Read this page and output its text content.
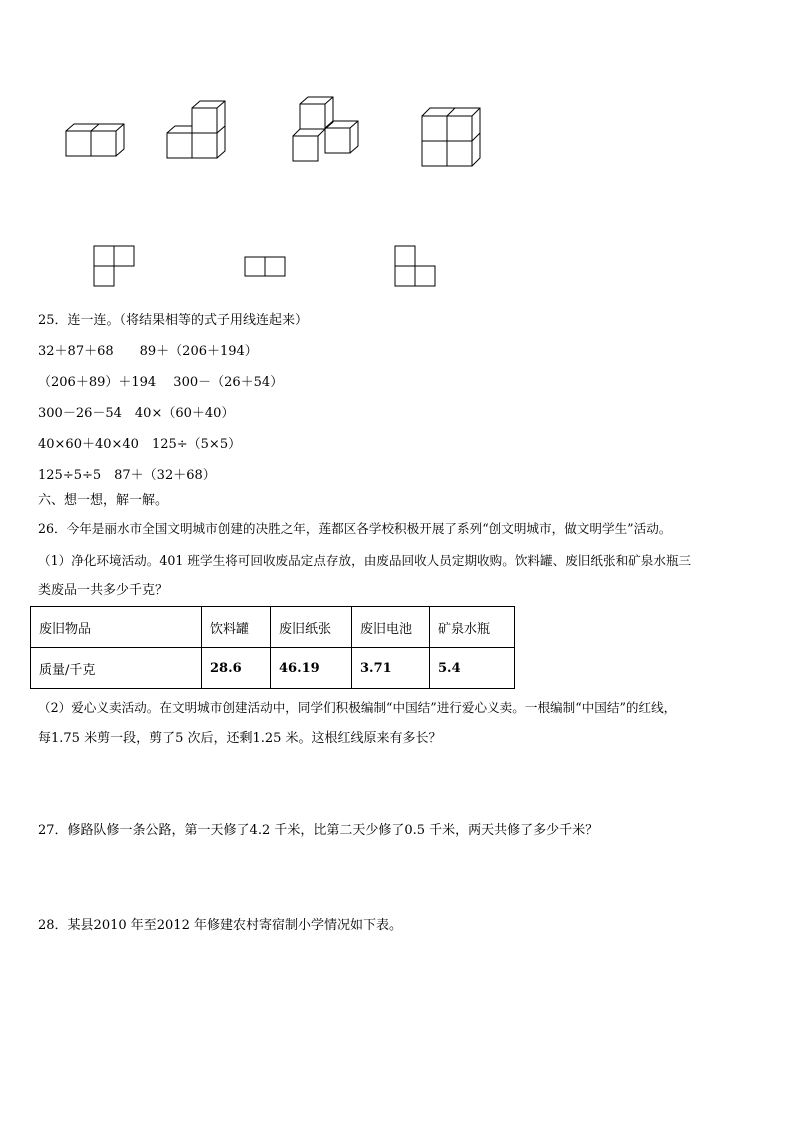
25．连一连。（将结果相等的式子用线连起来）
32＋87＋68　　89＋（206＋194）
（206＋89）＋194　 300－（26＋54）
300－26－54　40×（60＋40）
40×60＋40×40　125÷（5×5）
125÷5÷5　87＋（32＋68）
六、想一想，解一解。
26．今年是丽水市全国文明城市创建的决胜之年，莲都区各学校积极开展了系列“创文明城市，做文明学生”活动。
（1）净化环境活动。401 班学生将可回收废品定点存放，由废品回收人员定期收购。饮料罐、废旧纸张和矿泉水瓶三
类废品一共多少千克？
废旧物品	饮料罐	废旧纸张	废旧电池	矿泉水瓶
质量/千克	28.6	46.19	3.71	5.4
（2）爱心义卖活动。在文明城市创建活动中，同学们积极编制“中国结”进行爱心义卖。一根编制“中国结”的红线，
每1.75 米剪一段，剪了5 次后，还剩1.25 米。这根红线原来有多长？
27．修路队修一条公路，第一天修了4.2 千米，比第二天少修了0.5 千米，两天共修了多少千米？
28．某县2010 年至2012 年修建农村寄宿制小学情况如下表。
